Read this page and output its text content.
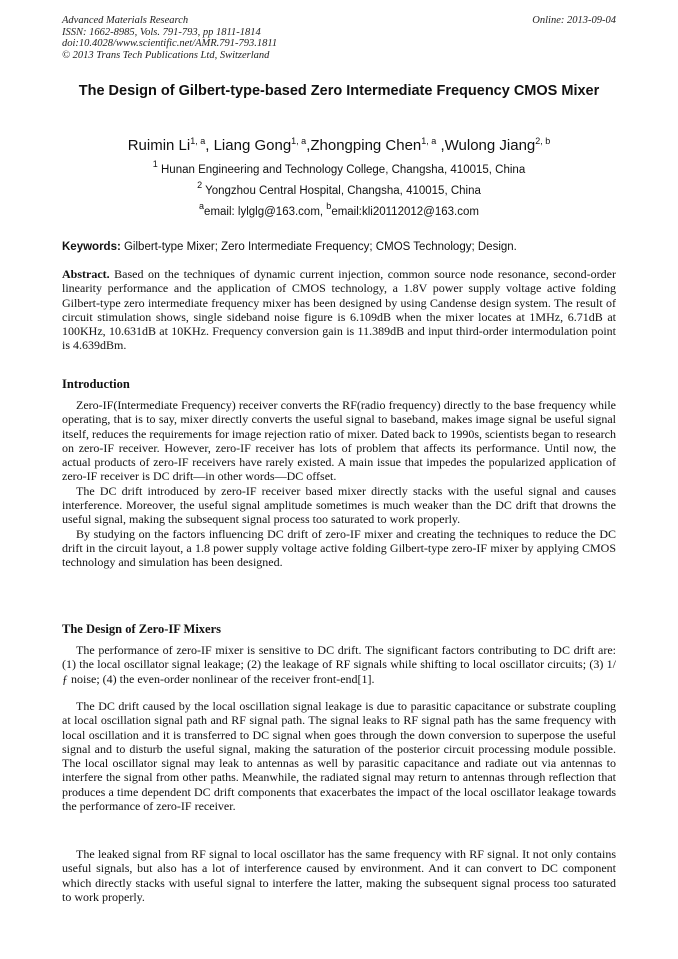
Advanced Materials Research
ISSN: 1662-8985, Vols. 791-793, pp 1811-1814
doi:10.4028/www.scientific.net/AMR.791-793.1811
© 2013 Trans Tech Publications Ltd, Switzerland
Online: 2013-09-04
The Design of Gilbert-type-based Zero Intermediate Frequency CMOS Mixer
Ruimin Li$^{1, a}$, Liang Gong$^{1, a}$,Zhongping Chen$^{1, a}$ ,Wulong Jiang$^{2, b}$
$^1$ Hunan Engineering and Technology College, Changsha, 410015, China
$^2$ Yongzhou Central Hospital, Changsha, 410015, China
$^a$email: lylglg@163.com, $^b$email:kli20112012@163.com
Keywords: Gilbert-type Mixer; Zero Intermediate Frequency; CMOS Technology; Design.

Abstract. Based on the techniques of dynamic current injection, common source node resonance, second-order linearity performance and the application of CMOS technology, a 1.8V power supply voltage active folding Gilbert-type zero intermediate frequency mixer has been designed by using Candense design system. The result of circuit stimulation shows, single sideband noise figure is 6.109dB when the mixer locates at 1MHz, 6.71dB at 100KHz, 10.631dB at 10KHz. Frequency conversion gain is 11.389dB and input third-order intermodulation point is 4.639dBm.

Introduction

Zero-IF(Intermediate Frequency) receiver converts the RF(radio frequency) directly to the base frequency while operating, that is to say, mixer directly converts the useful signal to baseband, makes image signal be useful signal itself, reduces the requirements for image rejection ratio of mixer. Dated back to 1990s, scientists began to research on zero-IF receiver. However, zero-IF receiver has lots of problem that affects its performance. Until now, the actual products of zero-IF receivers have rarely existed. A main issue that impedes the popularized application of zero-IF receiver is DC drift—in other words—DC offset.

The DC drift introduced by zero-IF receiver based mixer directly stacks with the useful signal and causes interference. Moreover, the useful signal amplitude sometimes is much weaker than the DC drift that drowns the useful signal, making the subsequent signal process too saturated to work properly.

By studying on the factors influencing DC drift of zero-IF mixer and creating the techniques to reduce the DC drift in the circuit layout, a 1.8 power supply voltage active folding Gilbert-type zero-IF mixer by applying CMOS technology and simulation has been designed.

The Design of Zero-IF Mixers

The performance of zero-IF mixer is sensitive to DC drift. The significant factors contributing to DC drift are:(1) the local oscillator signal leakage; (2) the leakage of RF signals while shifting to local oscillator circuits; (3) 1/ƒ noise; (4) the even-order nonlinear of the receiver front-end[1].

The DC drift caused by the local oscillation signal leakage is due to parasitic capacitance or substrate coupling at local oscillation signal path and RF signal path. The signal leaks to RF signal path has the same frequency with local oscillation and it is transferred to DC signal when goes through the down conversion to superpose the useful signal and to disturb the useful signal, making the saturation of the posterior circuit processing module possible. The local oscillator signal may leak to antennas as well by parasitic capacitance and radiate out via antennas to interfere the signal from other paths. Meanwhile, the radiated signal may return to antennas through reflection that produces a time dependent DC drift components that exacerbates the impact of the local oscillator leakage towards the performance of zero-IF receiver.

The leaked signal from RF signal to local oscillator has the same frequency with RF signal. It not only contains useful signals, but also has a lot of interference caused by environment. And it can convert to DC component which directly stacks with useful signal to interfere the latter, making the subsequent signal process too saturated to work properly.
